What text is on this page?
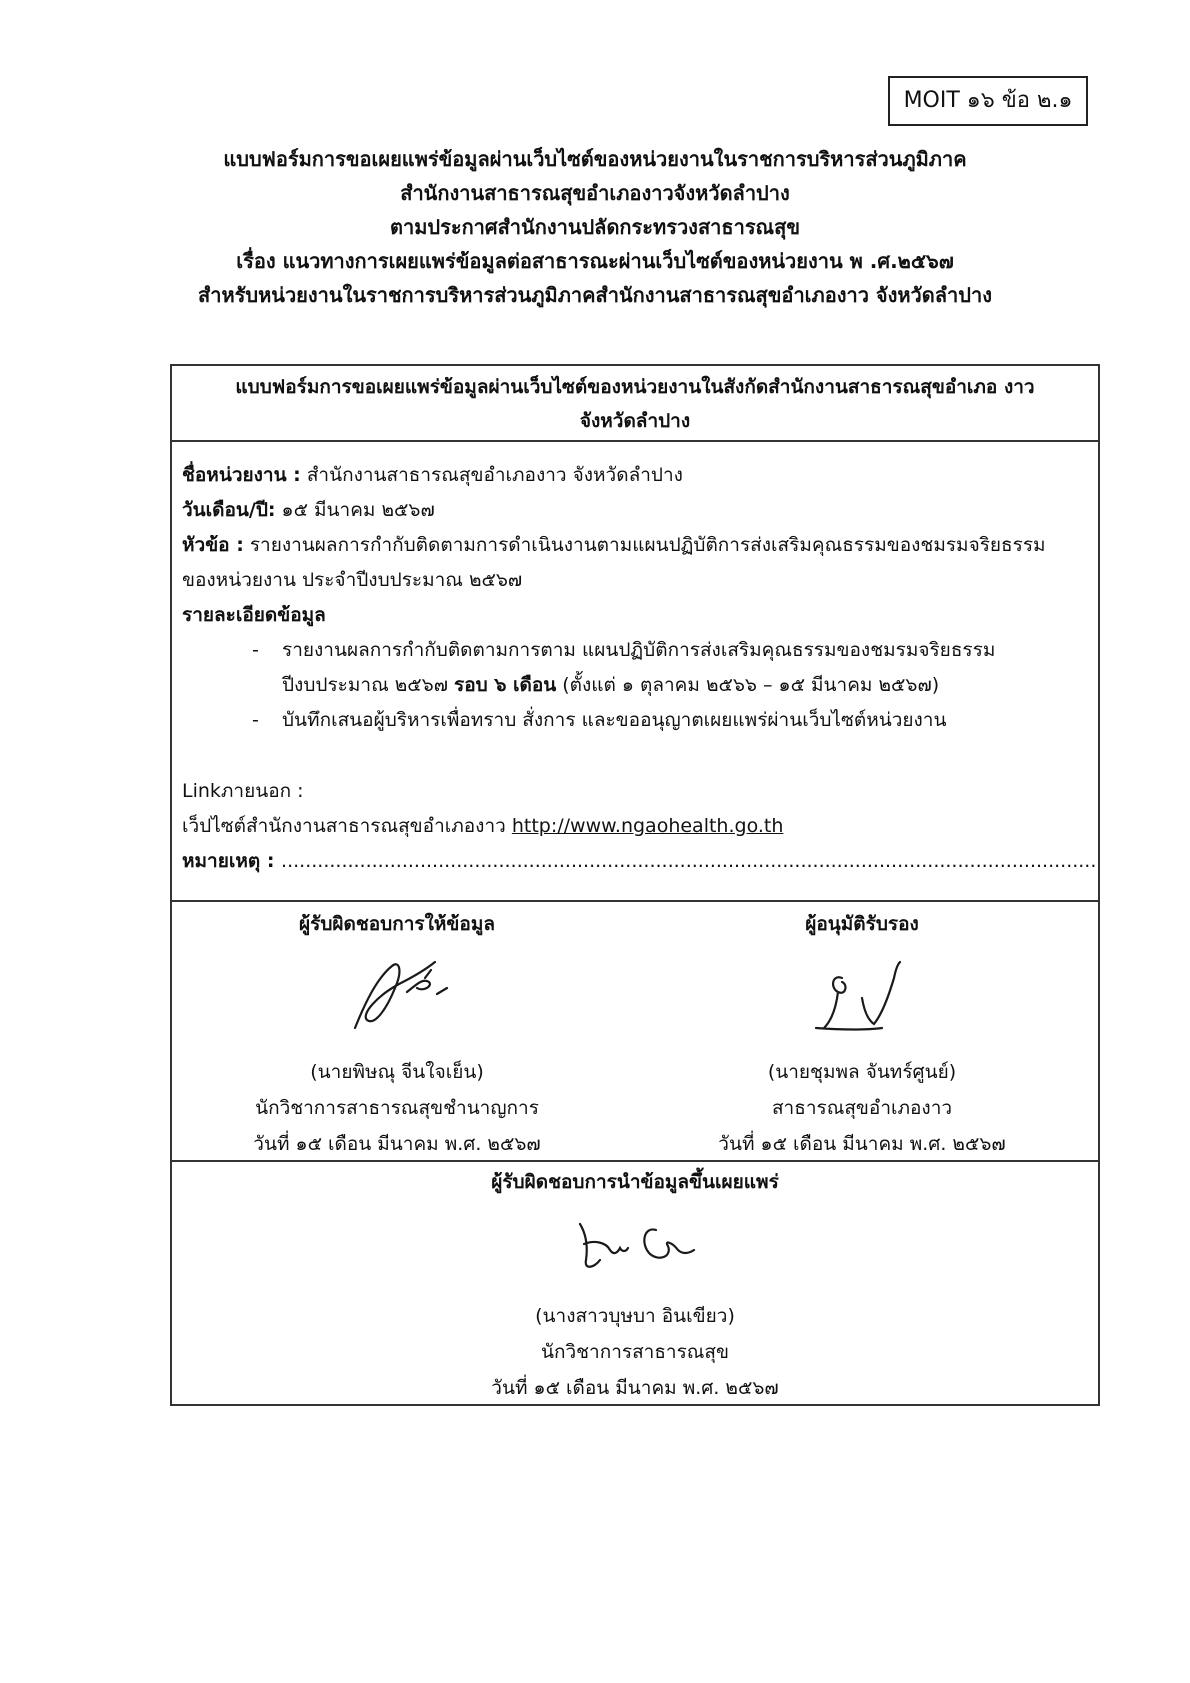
MOIT ๑๖ ข้อ ๒.๑
แบบฟอร์มการขอเผยแพร่ข้อมูลผ่านเว็บไซต์ของหน่วยงานในราชการบริหารส่วนภูมิภาค
สำนักงานสาธารณสุขอำเภองาวจังหวัดลำปาง
ตามประกาศสำนักงานปลัดกระทรวงสาธารณสุข
เรื่อง แนวทางการเผยแพร่ข้อมูลต่อสาธารณะผ่านเว็บไซต์ของหน่วยงาน พ .ศ.๒๕๖๗
สำหรับหน่วยงานในราชการบริหารส่วนภูมิภาคสำนักงานสาธารณสุขอำเภองาว จังหวัดลำปาง
แบบฟอร์มการขอเผยแพร่ข้อมูลผ่านเว็บไซต์ของหน่วยงานในสังกัดสำนักงานสาธารณสุขอำเภอ งาว
จังหวัดลำปาง
ชื่อหน่วยงาน : สำนักงานสาธารณสุขอำเภองาว จังหวัดลำปาง
วันเดือน/ปี: ๑๕ มีนาคม ๒๕๖๗
หัวข้อ : รายงานผลการกำกับติดตามการดำเนินงานตามแผนปฏิบัติการส่งเสริมคุณธรรมของชมรมจริยธรรม
ของหน่วยงาน ประจำปีงบประมาณ ๒๕๖๗
รายละเอียดข้อมูล
- รายงานผลการกำกับติดตามการตาม แผนปฏิบัติการส่งเสริมคุณธรรมของชมรมจริยธรรม
ปีงบประมาณ ๒๕๖๗ รอบ ๖ เดือน (ตั้งแต่ ๑ ตุลาคม ๒๕๖๖ – ๑๕ มีนาคม ๒๕๖๗)
- บันทึกเสนอผู้บริหารเพื่อทราบ สั่งการ และขออนุญาตเผยแพร่ผ่านเว็บไซต์หน่วยงาน
Linkภายนอก :
เว็ปไซต์สำนักงานสาธารณสุขอำเภองาว http://www.ngaohealth.go.th
หมายเหตุ : .......................................................................................................................................
ผู้รับผิดชอบการให้ข้อมูล
(นายพิษณุ จีนใจเย็น)
นักวิชาการสาธารณสุขชำนาญการ
วันที่ ๑๕ เดือน มีนาคม พ.ศ. ๒๕๖๗
ผู้อนุมัติรับรอง
(นายชุมพล จันทร์ศูนย์)
สาธารณสุขอำเภองาว
วันที่ ๑๕ เดือน มีนาคม พ.ศ. ๒๕๖๗
ผู้รับผิดชอบการนำข้อมูลขึ้นเผยแพร่
(นางสาวบุษบา อินเขียว)
นักวิชาการสาธารณสุข
วันที่ ๑๕ เดือน มีนาคม พ.ศ. ๒๕๖๗
